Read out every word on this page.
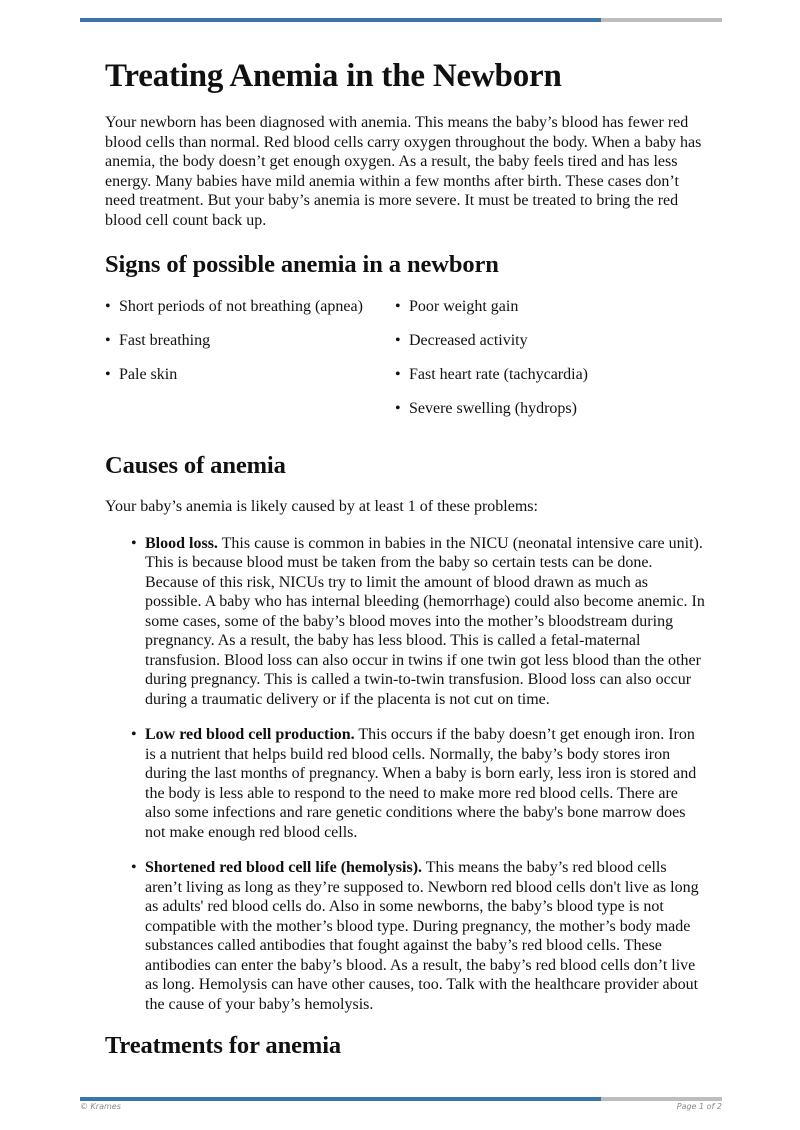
Treating Anemia in the Newborn

Your newborn has been diagnosed with anemia. This means the baby’s blood has fewer red blood cells than normal. Red blood cells carry oxygen throughout the body. When a baby has anemia, the body doesn’t get enough oxygen. As a result, the baby feels tired and has less energy. Many babies have mild anemia within a few months after birth. These cases don’t need treatment. But your baby’s anemia is more severe. It must be treated to bring the red blood cell count back up.

Signs of possible anemia in a newborn
• Short periods of not breathing (apnea)
• Fast breathing
• Pale skin
• Poor weight gain
• Decreased activity
• Fast heart rate (tachycardia)
• Severe swelling (hydrops)
Causes of anemia

Your baby’s anemia is likely caused by at least 1 of these problems:

• Blood loss. This cause is common in babies in the NICU (neonatal intensive care unit). This is because blood must be taken from the baby so certain tests can be done. Because of this risk, NICUs try to limit the amount of blood drawn as much as possible. A baby who has internal bleeding (hemorrhage) could also become anemic. In some cases, some of the baby’s blood moves into the mother’s bloodstream during pregnancy. As a result, the baby has less blood. This is called a fetal-maternal transfusion. Blood loss can also occur in twins if one twin got less blood than the other during pregnancy. This is called a twin-to-twin transfusion. Blood loss can also occur during a traumatic delivery or if the placenta is not cut on time.
• Low red blood cell production. This occurs if the baby doesn’t get enough iron. Iron is a nutrient that helps build red blood cells. Normally, the baby’s body stores iron during the last months of pregnancy. When a baby is born early, less iron is stored and the body is less able to respond to the need to make more red blood cells. There are also some infections and rare genetic conditions where the baby's bone marrow does not make enough red blood cells.
• Shortened red blood cell life (hemolysis). This means the baby’s red blood cells aren’t living as long as they’re supposed to. Newborn red blood cells don't live as long as adults' red blood cells do. Also in some newborns, the baby’s blood type is not compatible with the mother’s blood type. During pregnancy, the mother’s body made substances called antibodies that fought against the baby’s red blood cells. These antibodies can enter the baby’s blood. As a result, the baby’s red blood cells don’t live as long. Hemolysis can have other causes, too. Talk with the healthcare provider about the cause of your baby’s hemolysis.
Treatments for anemia
© Krames	Page 1 of 2
